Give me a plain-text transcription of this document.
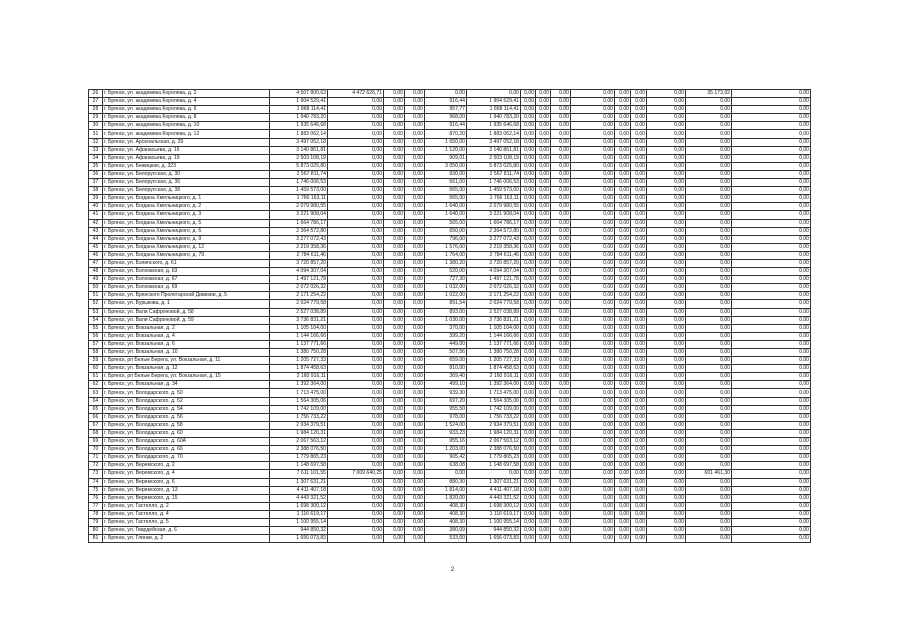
26	г. Брянск, ул. академика Королева, д. 2	4 507 800,63	4 472 626,71	0,00	0,00	0,00	0,00	0,00	0,00	0,00	0,00	0,00	0,00	0,00	35 173,92	0,00
27	г. Брянск, ул. академика Королева, д. 4	1 904 529,41	0,00	0,00	0,00	916,44	1 904 529,41	0,00	0,00	0,00	0,00	0,00	0,00	0,00	0,00	0,00
28	г. Брянск, ул. академика Королева, д. 6	1 868 114,41	0,00	0,00	0,00	957,77	1 868 114,41	0,00	0,00	0,00	0,00	0,00	0,00	0,00	0,00	0,00
29	г. Брянск, ул. академика Королева, д. 8	1 940 783,20	0,00	0,00	0,00	968,00	1 940 783,20	0,00	0,00	0,00	0,00	0,00	0,00	0,00	0,00	0,00
30	г. Брянск, ул. академика Королева, д. 10	1 935 646,68	0,00	0,00	0,00	916,44	1 935 646,68	0,00	0,00	0,00	0,00	0,00	0,00	0,00	0,00	0,00
31	г. Брянск, ул. академика Королева, д. 12	1 883 062,14	0,00	0,00	0,00	870,20	1 883 062,14	0,00	0,00	0,00	0,00	0,00	0,00	0,00	0,00	0,00
32	г. Брянск, ул. Арсенальская, д. 29	3 497 052,18	0,00	0,00	0,00	1 650,00	3 497 052,18	0,00	0,00	0,00	0,00	0,00	0,00	0,00	0,00	0,00
33	г. Брянск, ул. Афанасьева, д. 16	3 140 861,81	0,00	0,00	0,00	1 120,00	3 140 861,81	0,00	0,00	0,00	0,00	0,00	0,00	0,00	0,00	0,00
34	г. Брянск, ул. Афанасьева, д. 19	2 503 108,19	0,00	0,00	0,00	909,01	2 503 108,19	0,00	0,00	0,00	0,00	0,00	0,00	0,00	0,00	0,00
35	г. Брянск, ул. Бежицкая, д. 323	5 873 025,80	0,00	0,00	0,00	3 050,00	5 873 025,80	0,00	0,00	0,00	0,00	0,00	0,00	0,00	0,00	0,00
36	г. Брянск, ул. Белорусская, д. 30	2 567 811,74	0,00	0,00	0,00	930,00	2 567 811,74	0,00	0,00	0,00	0,00	0,00	0,00	0,00	0,00	0,00
37	г. Брянск, ул. Белорусская, д. 36	1 746 006,53	0,00	0,00	0,00	561,00	1 746 006,53	0,00	0,00	0,00	0,00	0,00	0,00	0,00	0,00	0,00
38	г. Брянск, ул. Белорусская, д. 38	1 459 573,00	0,00	0,00	0,00	565,00	1 459 573,00	0,00	0,00	0,00	0,00	0,00	0,00	0,00	0,00	0,00
39	г. Брянск, ул. Богдана Хмельницкого, д. 1	1 766 163,11	0,00	0,00	0,00	565,00	1 766 163,11	0,00	0,00	0,00	0,00	0,00	0,00	0,00	0,00	0,00
40	г. Брянск, ул. Богдана Хмельницкого, д. 2	2 079 980,55	0,00	0,00	0,00	1 640,00	2 079 980,55	0,00	0,00	0,00	0,00	0,00	0,00	0,00	0,00	0,00
41	г. Брянск, ул. Богдана Хмельницкого, д. 3	3 221 908,04	0,00	0,00	0,00	1 640,00	3 221 908,04	0,00	0,00	0,00	0,00	0,00	0,00	0,00	0,00	0,00
42	г. Брянск, ул. Богдана Хмельницкого, д. 5	1 664 786,17	0,00	0,00	0,00	565,00	1 664 786,17	0,00	0,00	0,00	0,00	0,00	0,00	0,00	0,00	0,00
43	г. Брянск, ул. Богдана Хмельницкого, д. 6	2 364 572,80	0,00	0,00	0,00	650,00	2 364 572,80	0,00	0,00	0,00	0,00	0,00	0,00	0,00	0,00	0,00
44	г. Брянск, ул. Богдана Хмельницкого, д. 9	3 277 072,43	0,00	0,00	0,00	796,00	3 277 072,43	0,00	0,00	0,00	0,00	0,00	0,00	0,00	0,00	0,00
45	г. Брянск, ул. Богдана Хмельницкого, д. 12	2 219 358,36	0,00	0,00	0,00	1 576,00	2 219 358,36	0,00	0,00	0,00	0,00	0,00	0,00	0,00	0,00	0,00
46	г. Брянск, ул. Богдана Хмельницкого, д. 79	2 784 611,46	0,00	0,00	0,00	1 764,00	2 784 611,46	0,00	0,00	0,00	0,00	0,00	0,00	0,00	0,00	0,00
47	г. Брянск, ул. Бэлинского, д. 61	3 720 857,20	0,00	0,00	0,00	1 380,20	3 720 857,20	0,00	0,00	0,00	0,00	0,00	0,00	0,00	0,00	0,00
48	г. Брянск, ул. Болховская, д. 63	4 094 307,04	0,00	0,00	0,00	520,00	4 094 307,04	0,00	0,00	0,00	0,00	0,00	0,00	0,00	0,00	0,00
49	г. Брянск, ул. Болховская, д. 67	1 497 121,78	0,00	0,00	0,00	727,30	1 497 121,78	0,00	0,00	0,00	0,00	0,00	0,00	0,00	0,00	0,00
50	г. Брянск, ул. Болховская, д. 69	2 072 026,32	0,00	0,00	0,00	1 032,00	2 072 026,32	0,00	0,00	0,00	0,00	0,00	0,00	0,00	0,00	0,00
51	г. Брянск, ул. Брянского Пролетарской Дивизии, д. 5	2 171 254,22	0,00	0,00	0,00	1 022,00	2 171 254,22	0,00	0,00	0,00	0,00	0,00	0,00	0,00	0,00	0,00
52	г. Брянск, ул. Бурыкова, д. 1	2 024 779,58	0,00	0,00	0,00	891,54	2 024 779,58	0,00	0,00	0,00	0,00	0,00	0,00	0,00	0,00	0,00
53	г. Брянск, ул. Вали Сафроновой, д. 58	2 527 038,89	0,00	0,00	0,00	893,00	2 527 038,89	0,00	0,00	0,00	0,00	0,00	0,00	0,00	0,00	0,00
54	г. Брянск, ул. Вали Сафроновой, д. 59	3 736 831,21	0,00	0,00	0,00	1 030,00	3 736 831,21	0,00	0,00	0,00	0,00	0,00	0,00	0,00	0,00	0,00
55	г. Брянск, ул. Вокзальная, д. 2	1 105 104,00	0,00	0,00	0,00	370,00	1 105 104,00	0,00	0,00	0,00	0,00	0,00	0,00	0,00	0,00	0,00
56	г. Брянск, ул. Вокзальная, д. 4	1 144 166,66	0,00	0,00	0,00	399,20	1 144 166,66	0,00	0,00	0,00	0,00	0,00	0,00	0,00	0,00	0,00
57	г. Брянск, ул. Вокзальная, д. 6	1 137 771,66	0,00	0,00	0,00	449,00	1 137 771,66	0,00	0,00	0,00	0,00	0,00	0,00	0,00	0,00	0,00
58	г. Брянск, ул. Вокзальная, д. 10	1 380 750,28	0,00	0,00	0,00	507,56	1 380 750,28	0,00	0,00	0,00	0,00	0,00	0,00	0,00	0,00	0,00
59	г. Брянск, рп Белые Берега, ул. Вокзальная, д. 11	1 205 727,33	0,00	0,00	0,00	659,00	1 205 727,33	0,00	0,00	0,00	0,00	0,00	0,00	0,00	0,00	0,00
60	г. Брянск, ул. Вокзальная, д. 12	1 874 458,63	0,00	0,00	0,00	810,00	1 874 458,63	0,00	0,00	0,00	0,00	0,00	0,00	0,00	0,00	0,00
61	г. Брянск, рп Белые Берега, ул. Вокзальная, д. 15	2 160 916,11	0,00	0,00	0,00	369,40	2 160 916,11	0,00	0,00	0,00	0,00	0,00	0,00	0,00	0,00	0,00
62	г. Брянск, ул. Вокзальная, д. 34	1 392 364,00	0,00	0,00	0,00	499,10	1 392 364,00	0,00	0,00	0,00	0,00	0,00	0,00	0,00	0,00	0,00
63	г. Брянск, ул. Володарского, д. 50	1 713 475,00	0,00	0,00	0,00	939,30	1 713 475,00	0,00	0,00	0,00	0,00	0,00	0,00	0,00	0,00	0,00
64	г. Брянск, ул. Володарского, д. 52	1 564 305,06	0,00	0,00	0,00	697,20	1 564 305,06	0,00	0,00	0,00	0,00	0,00	0,00	0,00	0,00	0,00
65	г. Брянск, ул. Володарского, д. 54	1 742 109,00	0,00	0,00	0,00	955,50	1 742 109,00	0,00	0,00	0,00	0,00	0,00	0,00	0,00	0,00	0,00
66	г. Брянск, ул. Володарского, д. 56	1 756 733,22	0,00	0,00	0,00	978,00	1 756 733,22	0,00	0,00	0,00	0,00	0,00	0,00	0,00	0,00	0,00
67	г. Брянск, ул. Володарского, д. 58	2 934 379,51	0,00	0,00	0,00	1 524,00	2 934 379,51	0,00	0,00	0,00	0,00	0,00	0,00	0,00	0,00	0,00
68	г. Брянск, ул. Володарского, д. 60	1 984 120,31	0,00	0,00	0,00	933,23	1 984 120,31	0,00	0,00	0,00	0,00	0,00	0,00	0,00	0,00	0,00
69	г. Брянск, ул. Володарского, д. 60А	2 067 563,12	0,00	0,00	0,00	955,16	2 067 563,12	0,00	0,00	0,00	0,00	0,00	0,00	0,00	0,00	0,00
70	г. Брянск, ул. Володарского, д. 66	2 388 076,50	0,00	0,00	0,00	1 203,00	2 388 076,50	0,00	0,00	0,00	0,00	0,00	0,00	0,00	0,00	0,00
71	г. Брянск, ул. Володарского, д. 70	1 779 865,23	0,00	0,00	0,00	905,42	1 779 865,23	0,00	0,00	0,00	0,00	0,00	0,00	0,00	0,00	0,00
72	г. Брянск, ул. Веремского, д. 2	1 148 697,58	0,00	0,00	0,00	638,08	1 148 697,58	0,00	0,00	0,00	0,00	0,00	0,00	0,00	0,00	0,00
73	г. Брянск, ул. Веремского, д. 4	7 611 101,55	7 009 640,25	0,00	0,00	0,00	0,00	0,00	0,00	0,00	0,00	0,00	0,00	0,00	601 461,30	0,00
74	г. Брянск, ул. Веремского, д. 6	1 307 631,21	0,00	0,00	0,00	880,30	1 307 631,21	0,00	0,00	0,00	0,00	0,00	0,00	0,00	0,00	0,00
75	г. Брянск, ул. Веремского, д. 13	4 411 407,18	0,00	0,00	0,00	1 814,00	4 411 407,18	0,00	0,00	0,00	0,00	0,00	0,00	0,00	0,00	0,00
76	г. Брянск, ул. Веремского, д. 15	4 443 321,52	0,00	0,00	0,00	1 820,00	4 443 321,52	0,00	0,00	0,00	0,00	0,00	0,00	0,00	0,00	0,00
77	г. Брянск, ул. Гастелло, д. 2	1 698 300,12	0,00	0,00	0,00	408,30	1 698 300,12	0,00	0,00	0,00	0,00	0,00	0,00	0,00	0,00	0,00
78	г. Брянск, ул. Гастелло, д. 4	1 116 619,17	0,00	0,00	0,00	408,30	1 116 619,17	0,00	0,00	0,00	0,00	0,00	0,00	0,00	0,00	0,00
79	г. Брянск, ул. Гастелло, д. 5	1 100 955,14	0,00	0,00	0,00	408,30	1 100 955,14	0,00	0,00	0,00	0,00	0,00	0,00	0,00	0,00	0,00
80	г. Брянск, ул. Гвардейская, д. 6	944 850,32	0,00	0,00	0,00	380,09	944 850,32	0,00	0,00	0,00	0,00	0,00	0,00	0,00	0,00	0,00
81	г. Брянск, ул. Глинки, д. 2	1 656 073,83	0,00	0,00	0,00	533,00	1 656 073,83	0,00	0,00	0,00	0,00	0,00	0,00	0,00	0,00	0,00
2
